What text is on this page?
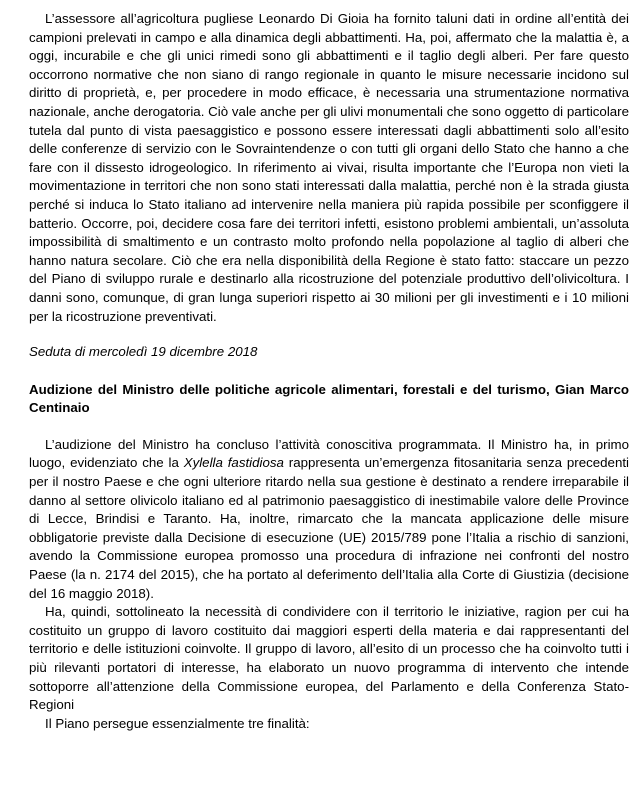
L’assessore all’agricoltura pugliese Leonardo Di Gioia ha fornito taluni dati in ordine all’entità dei campioni prelevati in campo e alla dinamica degli abbattimenti. Ha, poi, affermato che la malattia è, a oggi, incurabile e che gli unici rimedi sono gli abbattimenti e il taglio degli alberi. Per fare questo occorrono normative che non siano di rango regionale in quanto le misure necessarie incidono sul diritto di proprietà, e, per procedere in modo efficace, è necessaria una strumentazione normativa nazionale, anche derogatoria. Ciò vale anche per gli ulivi monumentali che sono oggetto di particolare tutela dal punto di vista paesaggistico e possono essere interessati dagli abbattimenti solo all’esito delle conferenze di servizio con le Sovraintendenze o con tutti gli organi dello Stato che hanno a che fare con il dissesto idrogeologico. In riferimento ai vivai, risulta importante che l’Europa non vieti la movimentazione in territori che non sono stati interessati dalla malattia, perché non è la strada giusta perché si induca lo Stato italiano ad intervenire nella maniera più rapida possibile per sconfiggere il batterio. Occorre, poi, decidere cosa fare dei territori infetti, esistono problemi ambientali, un’assoluta impossibilità di smaltimento e un contrasto molto profondo nella popolazione al taglio di alberi che hanno natura secolare. Ciò che era nella disponibilità della Regione è stato fatto: staccare un pezzo del Piano di sviluppo rurale e destinarlo alla ricostruzione del potenziale produttivo dell’olivicoltura. I danni sono, comunque, di gran lunga superiori rispetto ai 30 milioni per gli investimenti e i 10 milioni per la ricostruzione preventivati.

Seduta di mercoledì 19 dicembre 2018

Audizione del Ministro delle politiche agricole alimentari, forestali e del turismo, Gian Marco Centinaio

L’audizione del Ministro ha concluso l’attività conoscitiva programmata. Il Ministro ha, in primo luogo, evidenziato che la Xylella fastidiosa rappresenta un’emergenza fitosanitaria senza precedenti per il nostro Paese e che ogni ulteriore ritardo nella sua gestione è destinato a rendere irreparabile il danno al settore olivicolo italiano ed al patrimonio paesaggistico di inestimabile valore delle Province di Lecce, Brindisi e Taranto. Ha, inoltre, rimarcato che la mancata applicazione delle misure obbligatorie previste dalla Decisione di esecuzione (UE) 2015/789 pone l’Italia a rischio di sanzioni, avendo la Commissione europea promosso una procedura di infrazione nei confronti del nostro Paese (la n. 2174 del 2015), che ha portato al deferimento dell’Italia alla Corte di Giustizia (decisione del 16 maggio 2018).

Ha, quindi, sottolineato la necessità di condividere con il territorio le iniziative, ragion per cui ha costituito un gruppo di lavoro costituito dai maggiori esperti della materia e dai rappresentanti del territorio e delle istituzioni coinvolte. Il gruppo di lavoro, all’esito di un processo che ha coinvolto tutti i più rilevanti portatori di interesse, ha elaborato un nuovo programma di intervento che intende sottoporre all’attenzione della Commissione europea, del Parlamento e della Conferenza Stato-Regioni

Il Piano persegue essenzialmente tre finalità:
